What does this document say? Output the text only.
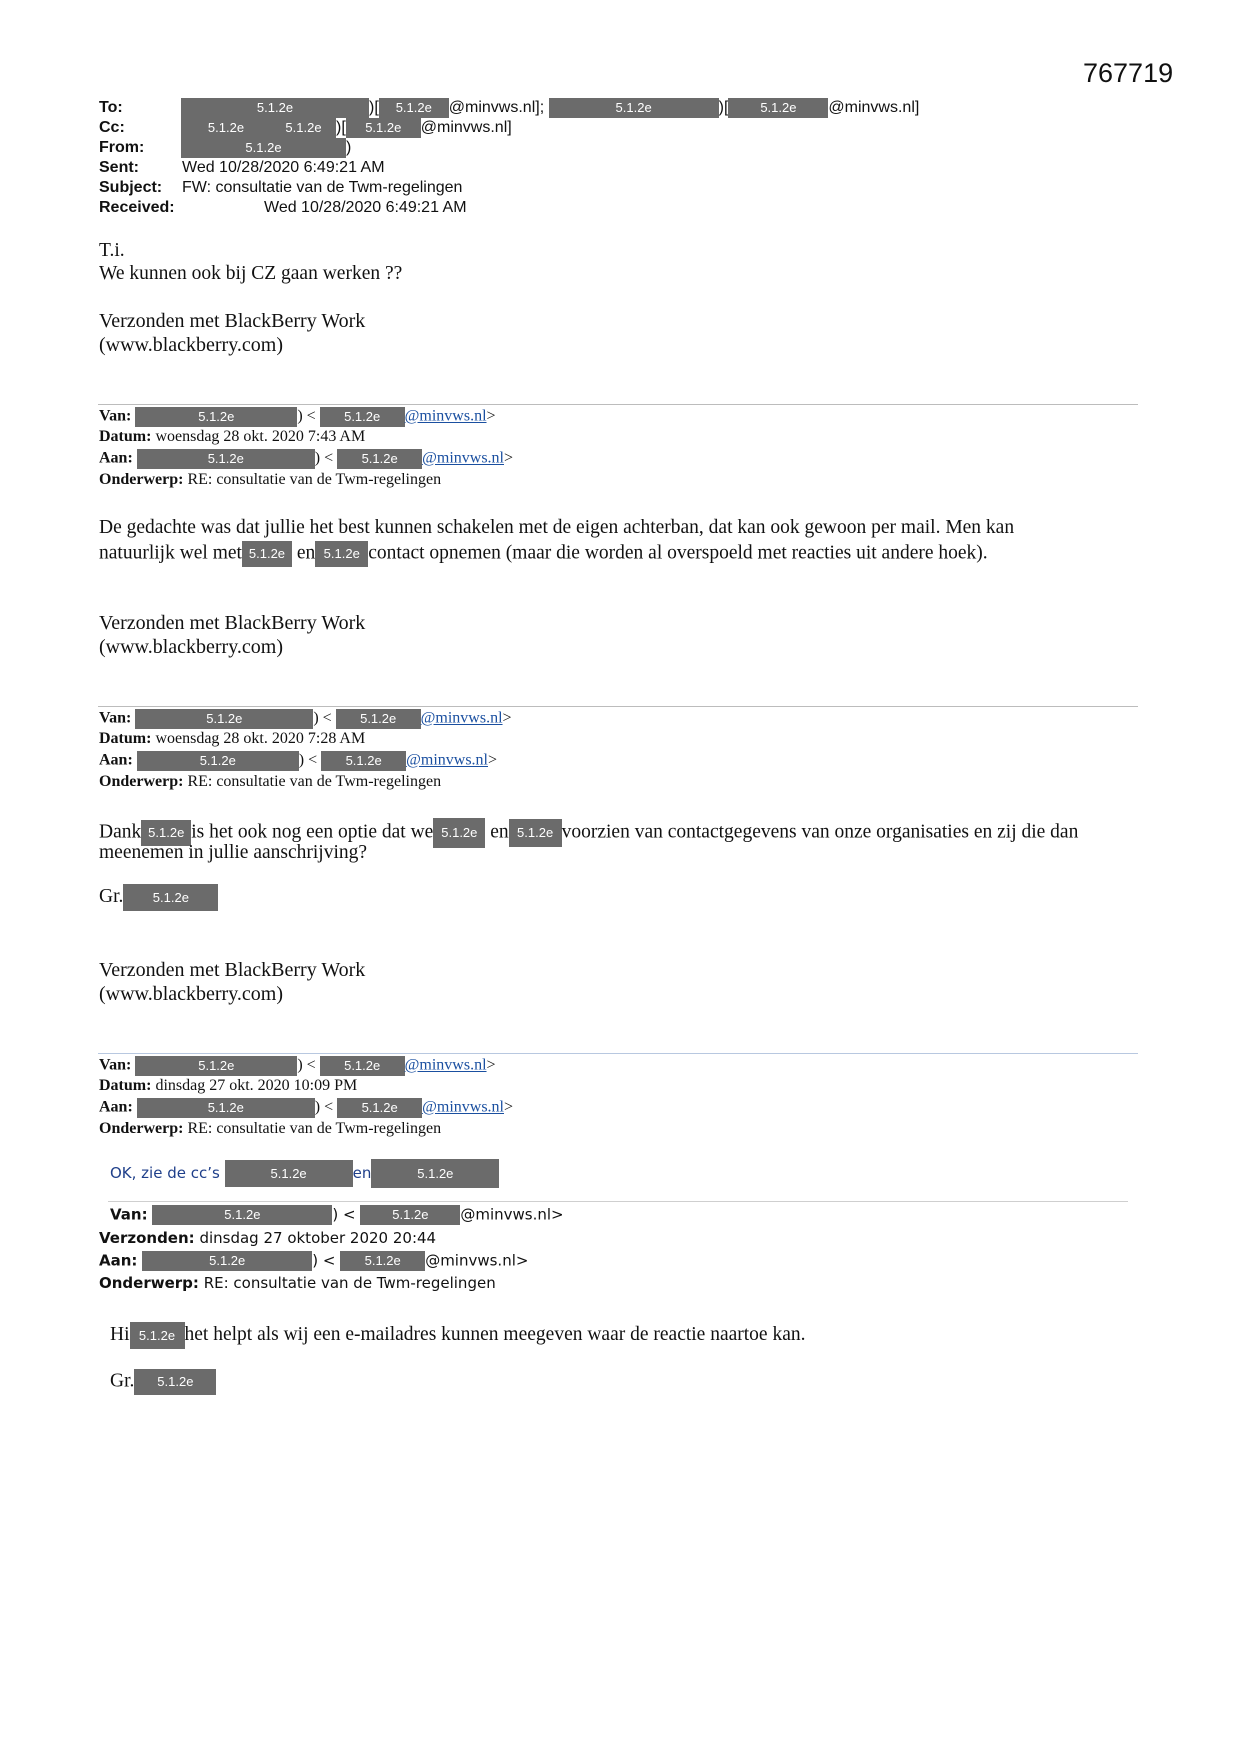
767719
To:	5.1.2e	)[ 5.1.2e @minvws.nl];	5.1.2e	)[ 5.1.2e @minvws.nl]
Cc:	5.1.2e	5.1.2e )[ 5.1.2e @minvws.nl]
From:	5.1.2e	)
Sent:	Wed 10/28/2020 6:49:21 AM
Subject: FW: consultatie van de Twm-regelingen
Received:	Wed 10/28/2020 6:49:21 AM
T.i.
We kunnen ook bij CZ gaan werken ??
Verzonden met BlackBerry Work
(www.blackberry.com)
Van:	5.1.2e	) < 5.1.2e @minvws.nl>
Datum: woensdag 28 okt. 2020 7:43 AM
Aan:	5.1.2e	) < 5.1.2e @minvws.nl>
Onderwerp: RE: consultatie van de Twm-regelingen
De gedachte was dat jullie het best kunnen schakelen met de eigen achterban, dat kan ook gewoon per mail. Men kan
natuurlijk wel met 5.1.2e en 5.1.2e contact opnemen (maar die worden al overspoeld met reacties uit andere hoek).
Verzonden met BlackBerry Work
(www.blackberry.com)
Van:	5.1.2e	) < 5.1.2e @minvws.nl>
Datum: woensdag 28 okt. 2020 7:28 AM
Aan:	5.1.2e	) < 5.1.2e @minvws.nl>
Onderwerp: RE: consultatie van de Twm-regelingen
Dank 5.1.2e is het ook nog een optie dat we 5.1.2e en 5.1.2e voorzien van contactgegevens van onze organisaties en zij die dan
meenemen in jullie aanschrijving?
Gr. 5.1.2e
Verzonden met BlackBerry Work
(www.blackberry.com)
Van:	5.1.2e	) < 5.1.2e @minvws.nl>
Datum: dinsdag 27 okt. 2020 10:09 PM
Aan:	5.1.2e	) < 5.1.2e @minvws.nl>
Onderwerp: RE: consultatie van de Twm-regelingen
OK, zie de cc’s	5.1.2e	en	5.1.2e
Van:	5.1.2e	) <	5.1.2e @minvws.nl>
Verzonden: dinsdag 27 oktober 2020 20:44
Aan:	5.1.2e	) < 5.1.2e @minvws.nl>
Onderwerp: RE: consultatie van de Twm-regelingen
Hi 5.1.2e het helpt als wij een e-mailadres kunnen meegeven waar de reactie naartoe kan.
Gr. 5.1.2e
